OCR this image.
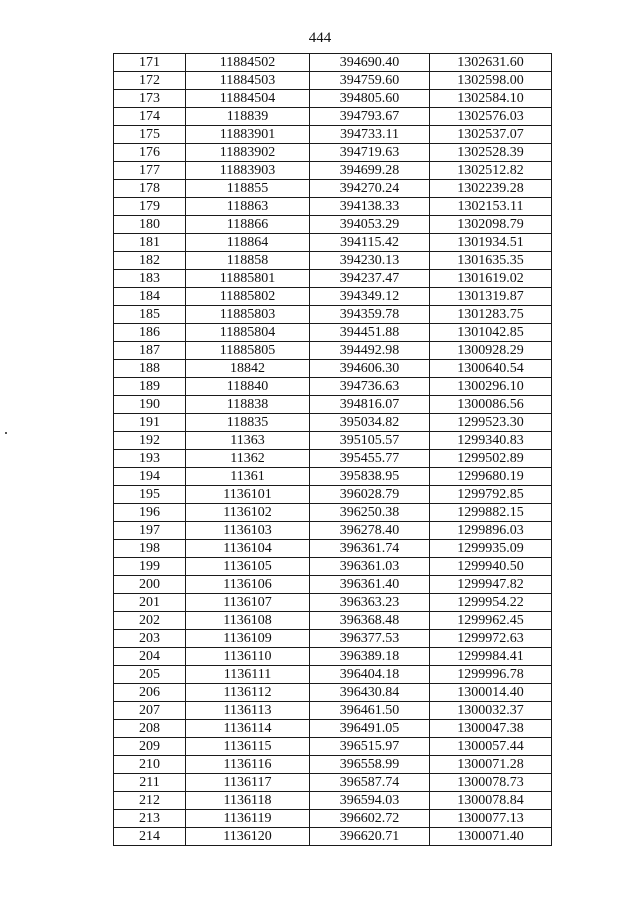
444
171	11884502	394690.40	1302631.60
172	11884503	394759.60	1302598.00
173	11884504	394805.60	1302584.10
174	118839	394793.67	1302576.03
175	11883901	394733.11	1302537.07
176	11883902	394719.63	1302528.39
177	11883903	394699.28	1302512.82
178	118855	394270.24	1302239.28
179	118863	394138.33	1302153.11
180	118866	394053.29	1302098.79
181	118864	394115.42	1301934.51
182	118858	394230.13	1301635.35
183	11885801	394237.47	1301619.02
184	11885802	394349.12	1301319.87
185	11885803	394359.78	1301283.75
186	11885804	394451.88	1301042.85
187	11885805	394492.98	1300928.29
188	18842	394606.30	1300640.54
189	118840	394736.63	1300296.10
190	118838	394816.07	1300086.56
191	118835	395034.82	1299523.30
192	11363	395105.57	1299340.83
193	11362	395455.77	1299502.89
194	11361	395838.95	1299680.19
195	1136101	396028.79	1299792.85
196	1136102	396250.38	1299882.15
197	1136103	396278.40	1299896.03
198	1136104	396361.74	1299935.09
199	1136105	396361.03	1299940.50
200	1136106	396361.40	1299947.82
201	1136107	396363.23	1299954.22
202	1136108	396368.48	1299962.45
203	1136109	396377.53	1299972.63
204	1136110	396389.18	1299984.41
205	1136111	396404.18	1299996.78
206	1136112	396430.84	1300014.40
207	1136113	396461.50	1300032.37
208	1136114	396491.05	1300047.38
209	1136115	396515.97	1300057.44
210	1136116	396558.99	1300071.28
211	1136117	396587.74	1300078.73
212	1136118	396594.03	1300078.84
213	1136119	396602.72	1300077.13
214	1136120	396620.71	1300071.40
